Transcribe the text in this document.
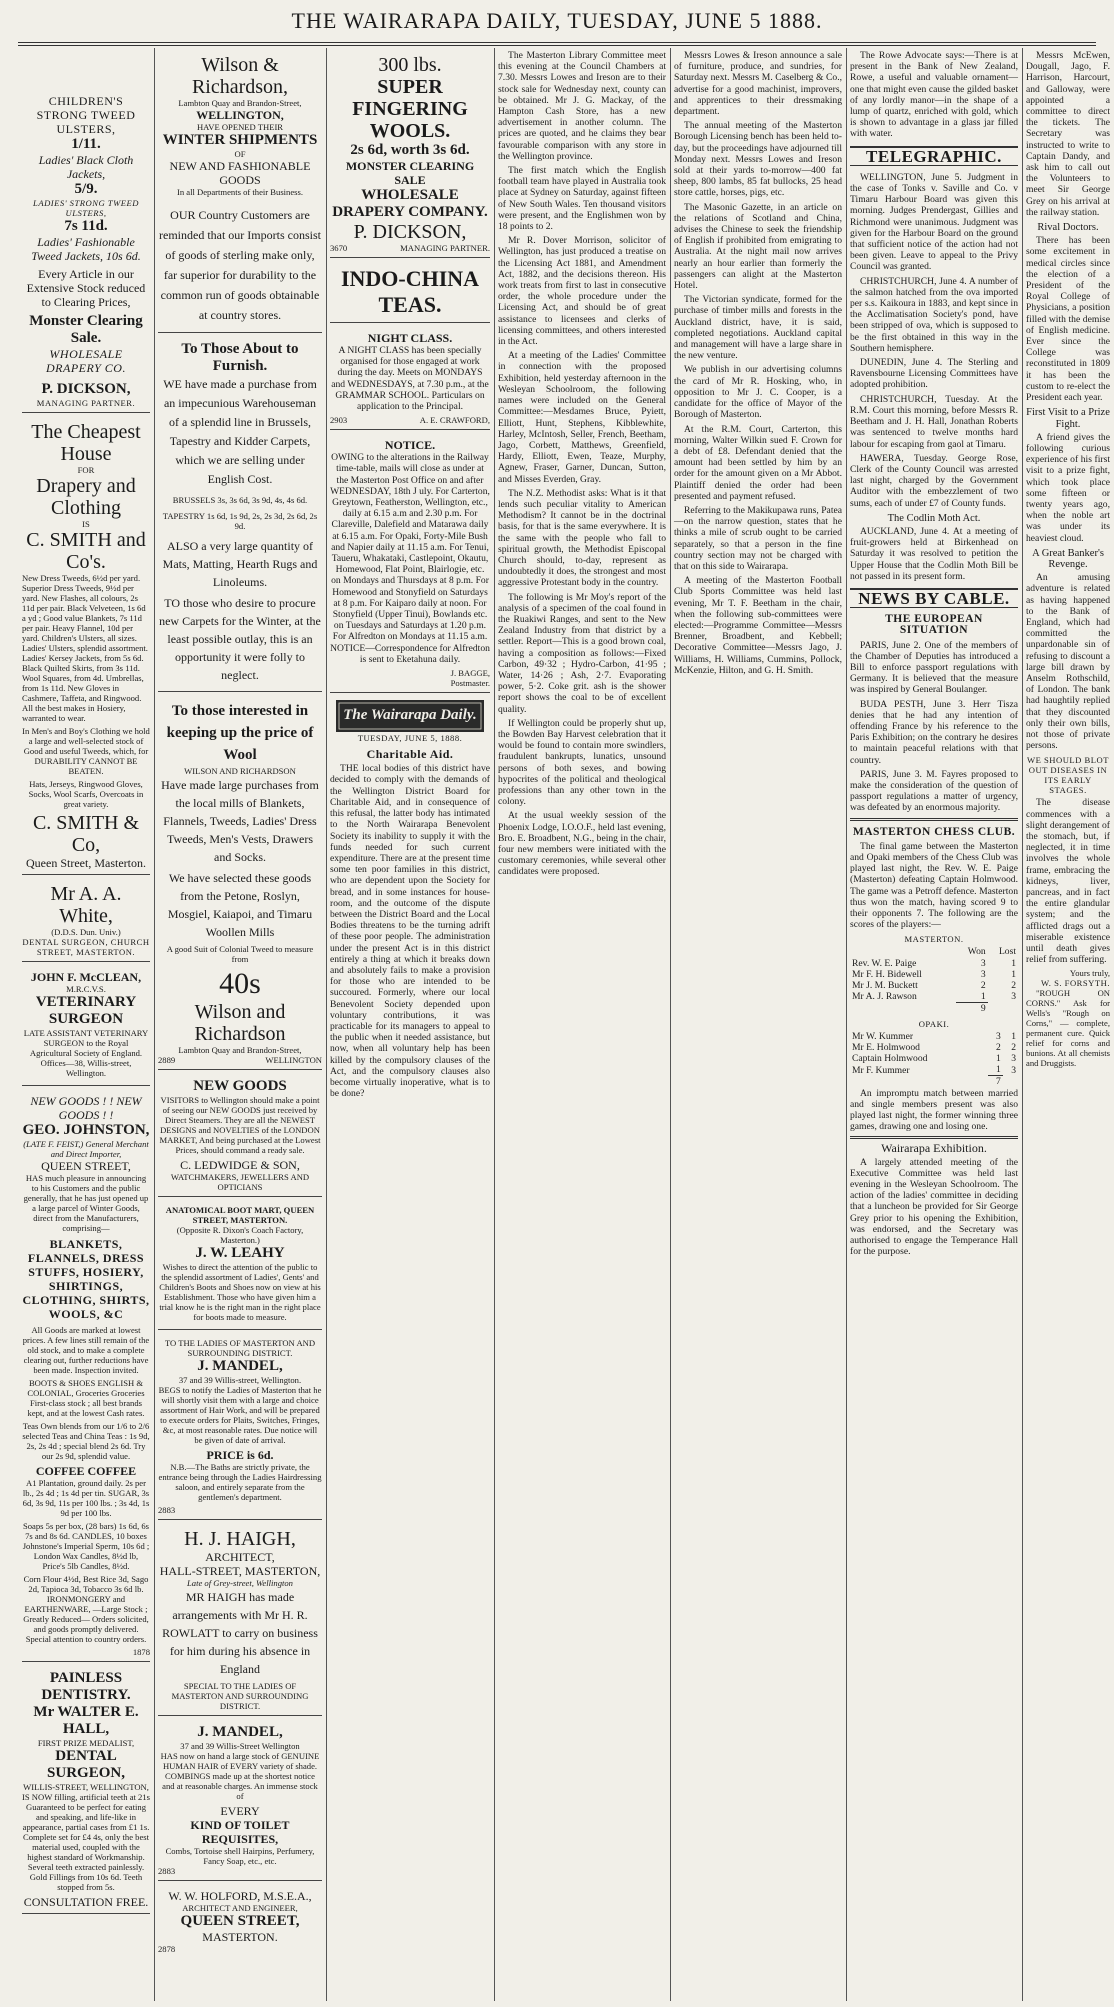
THE WAIRARAPA DAILY, TUESDAY, JUNE 5 1888.
CHILDREN'S STRONG TWEED ULSTERS,
1/11.
Ladies' Black Cloth Jackets,
5/9.
LADIES' STRONG TWEED ULSTERS,
7s 11d.
Ladies' Fashionable Tweed Jackets, 10s 6d.
Every Article in our Extensive Stock reduced to Clearing Prices,
Monster Clearing Sale.
WHOLESALE DRAPERY CO.
P. DICKSON,
MANAGING PARTNER.
The Cheapest House
FOR
Drapery and Clothing
IS
C. SMITH and Co's.

New Dress Tweeds, 6½d per yard. Superior Dress Tweeds, 9½d per yard. New Flashes, all colours, 2s 11d per pair. Black Velveteen, 1s 6d a yd ; Good value Blankets, 7s 11d per pair. Heavy Flannel, 10d per yard. Children's Ulsters, all sizes. Ladies' Ulsters, splendid assortment. Ladies' Kersey Jackets, from 5s 6d. Black Quilted Skirts, from 3s 11d. Wool Squares, from 4d. Umbrellas, from 1s 11d. New Gloves in Cashmere, Taffeta, and Ringwood. All the best makes in Hosiery, warranted to wear.

In Men's and Boy's Clothing we hold a large and well-selected stock of Good and useful Tweeds, which, for DURABILITY CANNOT BE BEATEN.

Hats, Jerseys, Ringwood Gloves, Socks, Wool Scarfs, Overcoats in great variety.

C. SMITH & Co,
Queen Street, Masterton.
Mr A. A. White,
(D.D.S. Dun. Univ.)
DENTAL SURGEON, CHURCH STREET, MASTERTON.
JOHN F. McCLEAN,
M.R.C.V.S.
VETERINARY SURGEON

LATE ASSISTANT VETERINARY SURGEON to the Royal Agricultural Society of England. Offices—38, Willis-street, Wellington.

NEW GOODS ! ! NEW GOODS ! !
GEO. JOHNSTON,
(LATE F. FEIST,) General Merchant and Direct Importer,
QUEEN STREET,

HAS much pleasure in announcing to his Customers and the public generally, that he has just opened up a large parcel of Winter Goods, direct from the Manufacturers, comprising—

BLANKETS, FLANNELS, DRESS STUFFS, HOSIERY, SHIRTINGS, CLOTHING, SHIRTS, WOOLS, &C

All Goods are marked at lowest prices. A few lines still remain of the old stock, and to make a complete clearing out, further reductions have been made. Inspection invited.

BOOTS & SHOES ENGLISH & COLONIAL, Groceries Groceries First-class stock ; all best brands kept, and at the lowest Cash rates.

Teas Own blends from our 1/6 to 2/6 selected Teas and China Teas : 1s 9d, 2s, 2s 4d ; special blend 2s 6d. Try our 2s 9d, splendid value.

COFFEE COFFEE

A1 Plantation, ground daily. 2s per lb., 2s 4d ; 1s 4d per tin. SUGAR, 3s 6d, 3s 9d, 11s per 100 lbs. ; 3s 4d, 1s 9d per 100 lbs.

Soaps 5s per box, (28 bars) 1s 6d, 6s 7s and 8s 6d. CANDLES, 10 boxes Johnstone's Imperial Sperm, 10s 6d ; London Wax Candles, 8½d lb, Price's 5lb Candles, 8½d.

Corn Flour 4½d, Best Rice 3d, Sago 2d, Tapioca 3d, Tobacco 3s 6d lb. IRONMONGERY and EARTHENWARE, —Large Stock ; Greatly Reduced— Orders solicited, and goods promptly delivered. Special attention to country orders.

1878
PAINLESS DENTISTRY.
Mr WALTER E. HALL,
FIRST PRIZE MEDALIST,
DENTAL SURGEON,

WILLIS-STREET, WELLINGTON, IS NOW filling, artificial teeth at 21s Guaranteed to be perfect for eating and speaking, and life-like in appearance, partial cases from £1 1s. Complete set for £4 4s, only the best material used, coupled with the highest standard of Workmanship. Several teeth extracted painlessly. Gold Fillings from 10s 6d. Teeth stopped from 5s.

CONSULTATION FREE.
Wilson & Richardson,
Lambton Quay and Brandon-Street,
WELLINGTON,
HAVE OPENED THEIR
WINTER SHIPMENTS
OF
NEW AND FASHIONABLE GOODS
In all Departments of their Business.

OUR Country Customers are reminded that our Imports consist of goods of sterling make only, far superior for durability to the common run of goods obtainable at country stores.

To Those About to Furnish.

WE have made a purchase from an impecunious Warehouseman of a splendid line in Brussels, Tapestry and Kidder Carpets, which we are selling under English Cost.

BRUSSELS 3s, 3s 6d, 3s 9d, 4s, 4s 6d.
TAPESTRY 1s 6d, 1s 9d, 2s, 2s 3d, 2s 6d, 2s 9d.

ALSO a very large quantity of Mats, Matting, Hearth Rugs and Linoleums.

TO those who desire to procure new Carpets for the Winter, at the least possible outlay, this is an opportunity it were folly to neglect.

To those interested in keeping up the price of Wool
WILSON AND RICHARDSON

Have made large purchases from the local mills of Blankets, Flannels, Tweeds, Ladies' Dress Tweeds, Men's Vests, Drawers and Socks.

We have selected these goods from the Petone, Roslyn, Mosgiel, Kaiapoi, and Timaru Woollen Mills

A good Suit of Colonial Tweed to measure from

40s
Wilson and Richardson
Lambton Quay and Brandon-Street,
2889	WELLINGTON
NEW GOODS

VISITORS to Wellington should make a point of seeing our NEW GOODS just received by Direct Steamers. They are all the NEWEST DESIGNS and NOVELTIES of the LONDON MARKET, And being purchased at the Lowest Prices, should command a ready sale.

C. LEDWIDGE & SON,
WATCHMAKERS, JEWELLERS AND OPTICIANS
ANATOMICAL BOOT MART, QUEEN STREET, MASTERTON.
(Opposite R. Dixon's Coach Factory, Masterton.)
J. W. LEAHY

Wishes to direct the attention of the public to the splendid assortment of Ladies', Gents' and Children's Boots and Shoes now on view at his Establishment. Those who have given him a trial know he is the right man in the right place for boots made to measure.

TO THE LADIES OF MASTERTON AND SURROUNDING DISTRICT.
J. MANDEL,
37 and 39 Willis-street, Wellington.

BEGS to notify the Ladies of Masterton that he will shortly visit them with a large and choice assortment of Hair Work, and will be prepared to execute orders for Plaits, Switches, Fringes, &c, at most reasonable rates. Due notice will be given of date of arrival.

PRICE is 6d.

N.B.—The Baths are strictly private, the entrance being through the Ladies Hairdressing saloon, and entirely separate from the gentlemen's department.

2883
H. J. HAIGH,
ARCHITECT,
HALL-STREET, MASTERTON,
Late of Grey-street, Wellington

MR HAIGH has made arrangements with Mr H. R. ROWLATT to carry on business for him during his absence in England

SPECIAL TO THE LADIES OF MASTERTON AND SURROUNDING DISTRICT.
J. MANDEL,
37 and 39 Willis-Street Wellington

HAS now on hand a large stock of GENUINE HUMAN HAIR of EVERY variety of shade. COMBINGS made up at the shortest notice and at reasonable charges. An immense stock of

EVERY
KIND OF TOILET REQUISITES,
Combs, Tortoise shell Hairpins, Perfumery, Fancy Soap, etc., etc.
2883
W. W. HOLFORD, M.S.E.A.,
ARCHITECT AND ENGINEER,
QUEEN STREET,
MASTERTON.
2878
300 lbs.
SUPER FINGERING WOOLS.
2s 6d, worth 3s 6d.
MONSTER CLEARING SALE
WHOLESALE DRAPERY COMPANY.
P. DICKSON,
3670	MANAGING PARTNER.
INDO-CHINA TEAS.
NIGHT CLASS.

A NIGHT CLASS has been specially organised for those engaged at work during the day. Meets on MONDAYS and WEDNESDAYS, at 7.30 p.m., at the GRAMMAR SCHOOL. Particulars on application to the Principal.

2903	A. E. CRAWFORD,
NOTICE.

OWING to the alterations in the Railway time-table, mails will close as under at the Masterton Post Office on and after WEDNESDAY, 18th J uly. For Carterton, Greytown, Featherston, Wellington, etc., daily at 6.15 a.m and 2.30 p.m. For Clareville, Dalefield and Matarawa daily at 6.15 a.m. For Opaki, Forty-Mile Bush and Napier daily at 11.15 a.m. For Tenui, Taueru, Whakataki, Castlepoint, Okautu, Homewood, Flat Point, Blairlogie, etc. on Mondays and Thursdays at 8 p.m. For Homewood and Stonyfield on Saturdays at 8 p.m. For Kaiparo daily at noon. For Stonyfield (Upper Tinui), Bowlands etc. on Tuesdays and Saturdays at 1.20 p.m. For Alfredton on Mondays at 11.15 a.m. NOTICE—Correspondence for Alfredton is sent to Eketahuna daily.

J. BAGGE,
Postmaster.
The Wairarapa Daily.
TUESDAY, JUNE 5, 1888.
Charitable Aid.

THE local bodies of this district have decided to comply with the demands of the Wellington District Board for Charitable Aid, and in consequence of this refusal, the latter body has intimated to the North Wairarapa Benevolent Society its inability to supply it with the funds needed for such current expenditure. There are at the present time some ten poor families in this district, who are dependent upon the Society for bread, and in some instances for house-room, and the outcome of the dispute between the District Board and the Local Bodies threatens to be the turning adrift of these poor people. The administration under the present Act is in this district entirely a thing at which it breaks down and absolutely fails to make a provision for those who are intended to be succoured. Formerly, where our local Benevolent Society depended upon voluntary contributions, it was practicable for its managers to appeal to the public when it needed assistance, but now, when all voluntary help has been killed by the compulsory clauses of the Act, and the compulsory clauses also become virtually inoperative, what is to be done?

The Masterton Library Committee meet this evening at the Council Chambers at 7.30. Messrs Lowes and Ireson are to their stock sale for Wednesday next, county can be obtained. Mr J. G. Mackay, of the Hampton Cash Store, has a new advertisement in another column. The prices are quoted, and he claims they bear favourable comparison with any store in the Wellington province.

The first match which the English football team have played in Australia took place at Sydney on Saturday, against fifteen of New South Wales. Ten thousand visitors were present, and the Englishmen won by 18 points to 2.

Mr R. Dover Morrison, solicitor of Wellington, has just produced a treatise on the Licensing Act 1881, and Amendment Act, 1882, and the decisions thereon. His work treats from first to last in consecutive order, the whole procedure under the Licensing Act, and should be of great assistance to licensees and clerks of licensing committees, and others interested in the Act.

At a meeting of the Ladies' Committee in connection with the proposed Exhibition, held yesterday afternoon in the Wesleyan Schoolroom, the following names were included on the General Committee:—Mesdames Bruce, Pyiett, Elliott, Hunt, Stephens, Kibblewhite, Harley, McIntosh, Seller, French, Beetham, Jago, Corbett, Matthews, Greenfield, Hardy, Elliott, Ewen, Teaze, Murphy, Agnew, Fraser, Garner, Duncan, Sutton, and Misses Everden, Gray.

The N.Z. Methodist asks: What is it that lends such peculiar vitality to American Methodism? It cannot be in the doctrinal basis, for that is the same everywhere. It is the same with the people who fall to spiritual growth, the Methodist Episcopal Church should, to-day, represent as undoubtedly it does, the strongest and most aggressive Protestant body in the country.

The following is Mr Moy's report of the analysis of a specimen of the coal found in the Ruakiwi Ranges, and sent to the New Zealand Industry from that district by a settler. Report—This is a good brown coal, having a composition as follows:—Fixed Carbon, 49·32 ; Hydro-Carbon, 41·95 ; Water, 14·26 ; Ash, 2·7. Evaporating power, 5·2. Coke grit. ash is the shower report shows the coal to be of excellent quality.

If Wellington could be properly shut up, the Bowden Bay Harvest celebration that it would be found to contain more swindlers, fraudulent bankrupts, lunatics, unsound persons of both sexes, and bowing hypocrites of the political and theological professions than any other town in the colony.

At the usual weekly session of the Phoenix Lodge, I.O.O.F., held last evening, Bro. E. Broadbent, N.G., being in the chair, four new members were initiated with the customary ceremonies, while several other candidates were proposed.

Messrs Lowes & Ireson announce a sale of furniture, produce, and sundries, for Saturday next. Messrs M. Caselberg & Co., advertise for a good machinist, improvers, and apprentices to their dressmaking department.

The annual meeting of the Masterton Borough Licensing bench has been held to-day, but the proceedings have adjourned till Monday next. Messrs Lowes and Ireson sold at their yards to-morrow—400 fat sheep, 800 lambs, 85 fat bullocks, 25 head store cattle, horses, pigs, etc.

The Masonic Gazette, in an article on the relations of Scotland and China, advises the Chinese to seek the friendship of English if prohibited from emigrating to Australia. At the night mail now arrives nearly an hour earlier than formerly the passengers can alight at the Masterton Hotel.

The Victorian syndicate, formed for the purchase of timber mills and forests in the Auckland district, have, it is said, completed negotiations. Auckland capital and management will have a large share in the new venture.

We publish in our advertising columns the card of Mr R. Hosking, who, in opposition to Mr J. C. Cooper, is a candidate for the office of Mayor of the Borough of Masterton.

At the R.M. Court, Carterton, this morning, Walter Wilkin sued F. Crown for a debt of £8. Defendant denied that the amount had been settled by him by an order for the amount given on a Mr Abbot. Plaintiff denied the order had been presented and payment refused.

Referring to the Makikupawa runs, Patea—on the narrow question, states that he thinks a mile of scrub ought to be carried separately, so that a person in the fine country section may not be charged with that on this side to Wairarapa.

A meeting of the Masterton Football Club Sports Committee was held last evening, Mr T. F. Beetham in the chair, when the following sub-committees were elected:—Programme Committee—Messrs Brenner, Broadbent, and Kebbell; Decorative Committee—Messrs Jago, J. Williams, H. Williams, Cummins, Pollock, McKenzie, Hilton, and G. H. Smith.

The Rowe Advocate says:—There is at present in the Bank of New Zealand, Rowe, a useful and valuable ornament—one that might even cause the gilded basket of any lordly manor—in the shape of a lump of quartz, enriched with gold, which is shown to advantage in a glass jar filled with water.

TELEGRAPHIC.

WELLINGTON, June 5. Judgment in the case of Tonks v. Saville and Co. v Timaru Harbour Board was given this morning. Judges Prendergast, Gillies and Richmond were unanimous. Judgment was given for the Harbour Board on the ground that sufficient notice of the action had not been given. Leave to appeal to the Privy Council was granted.

CHRISTCHURCH, June 4. A number of the salmon hatched from the ova imported per s.s. Kaikoura in 1883, and kept since in the Acclimatisation Society's pond, have been stripped of ova, which is supposed to be the first obtained in this way in the Southern hemisphere.

DUNEDIN, June 4. The Sterling and Ravensbourne Licensing Committees have adopted prohibition.

CHRISTCHURCH, Tuesday. At the R.M. Court this morning, before Messrs R. Beetham and J. H. Hall, Jonathan Roberts was sentenced to twelve months hard labour for escaping from gaol at Timaru.

HAWERA, Tuesday. George Rose, Clerk of the County Council was arrested last night, charged by the Government Auditor with the embezzlement of two sums, each of under £7 of County funds.

The Codlin Moth Act.

AUCKLAND, June 4. At a meeting of fruit-growers held at Birkenhead on Saturday it was resolved to petition the Upper House that the Codlin Moth Bill be not passed in its present form.

NEWS BY CABLE.
THE EUROPEAN SITUATION

PARIS, June 2. One of the members of the Chamber of Deputies has introduced a Bill to enforce passport regulations with Germany. It is believed that the measure was inspired by General Boulanger.

BUDA PESTH, June 3. Herr Tisza denies that he had any intention of offending France by his reference to the Paris Exhibition; on the contrary he desires to maintain peaceful relations with that country.

PARIS, June 3. M. Fayres proposed to make the consideration of the question of passport regulations a matter of urgency, was defeated by an enormous majority.

MASTERTON CHESS CLUB.

The final game between the Masterton and Opaki members of the Chess Club was played last night, the Rev. W. E. Paige (Masterton) defeating Captain Holmwood. The game was a Petroff defence. Masterton thus won the match, having scored 9 to their opponents 7. The following are the scores of the players:—

MASTERTON.
	Won	Lost
Rev. W. E. Paige	3	1
Mr F. H. Bidewell	3	1
Mr J. M. Buckett	2	2
Mr A. J. Rawson	1	3
	9	
OPAKI.
Mr W. Kummer	3	1
Mr E. Holmwood	2	2
Captain Holmwood	1	3
Mr F. Kummer	1	3
	7	

An impromptu match between married and single members present was also played last night, the former winning three games, drawing one and losing one.

Wairarapa Exhibition.

A largely attended meeting of the Executive Committee was held last evening in the Wesleyan Schoolroom. The action of the ladies' committee in deciding that a luncheon be provided for Sir George Grey prior to his opening the Exhibition, was endorsed, and the Secretary was authorised to engage the Temperance Hall for the purpose.

Messrs McEwen, Dougall, Jago, F. Harrison, Harcourt, and Galloway, were appointed a committee to direct the tickets. The Secretary was instructed to write to Captain Dandy, and ask him to call out the Volunteers to meet Sir George Grey on his arrival at the railway station.

Rival Doctors.

There has been some excitement in medical circles since the election of a President of the Royal College of Physicians, a position filled with the demise of English medicine. Ever since the College was reconstituted in 1809 it has been the custom to re-elect the President each year.

First Visit to a Prize Fight.

A friend gives the following curious experience of his first visit to a prize fight, which took place some fifteen or twenty years ago, when the noble art was under its heaviest cloud.

A Great Banker's Revenge.

An amusing adventure is related as having happened to the Bank of England, which had committed the unpardonable sin of refusing to discount a large bill drawn by Anselm Rothschild, of London. The bank had haughtily replied that they discounted only their own bills, not those of private persons.

WE SHOULD BLOT OUT DISEASES IN ITS EARLY STAGES.

The disease commences with a slight derangement of the stomach, but, if neglected, it in time involves the whole frame, embracing the kidneys, liver, pancreas, and in fact the entire glandular system; and the afflicted drags out a miserable existence until death gives relief from suffering.

Yours truly,
W. S. FORSYTH.

"ROUGH ON CORNS." Ask for Wells's "Rough on Corns," — complete, permanent cure. Quick relief for corns and bunions. At all chemists and Druggists.
